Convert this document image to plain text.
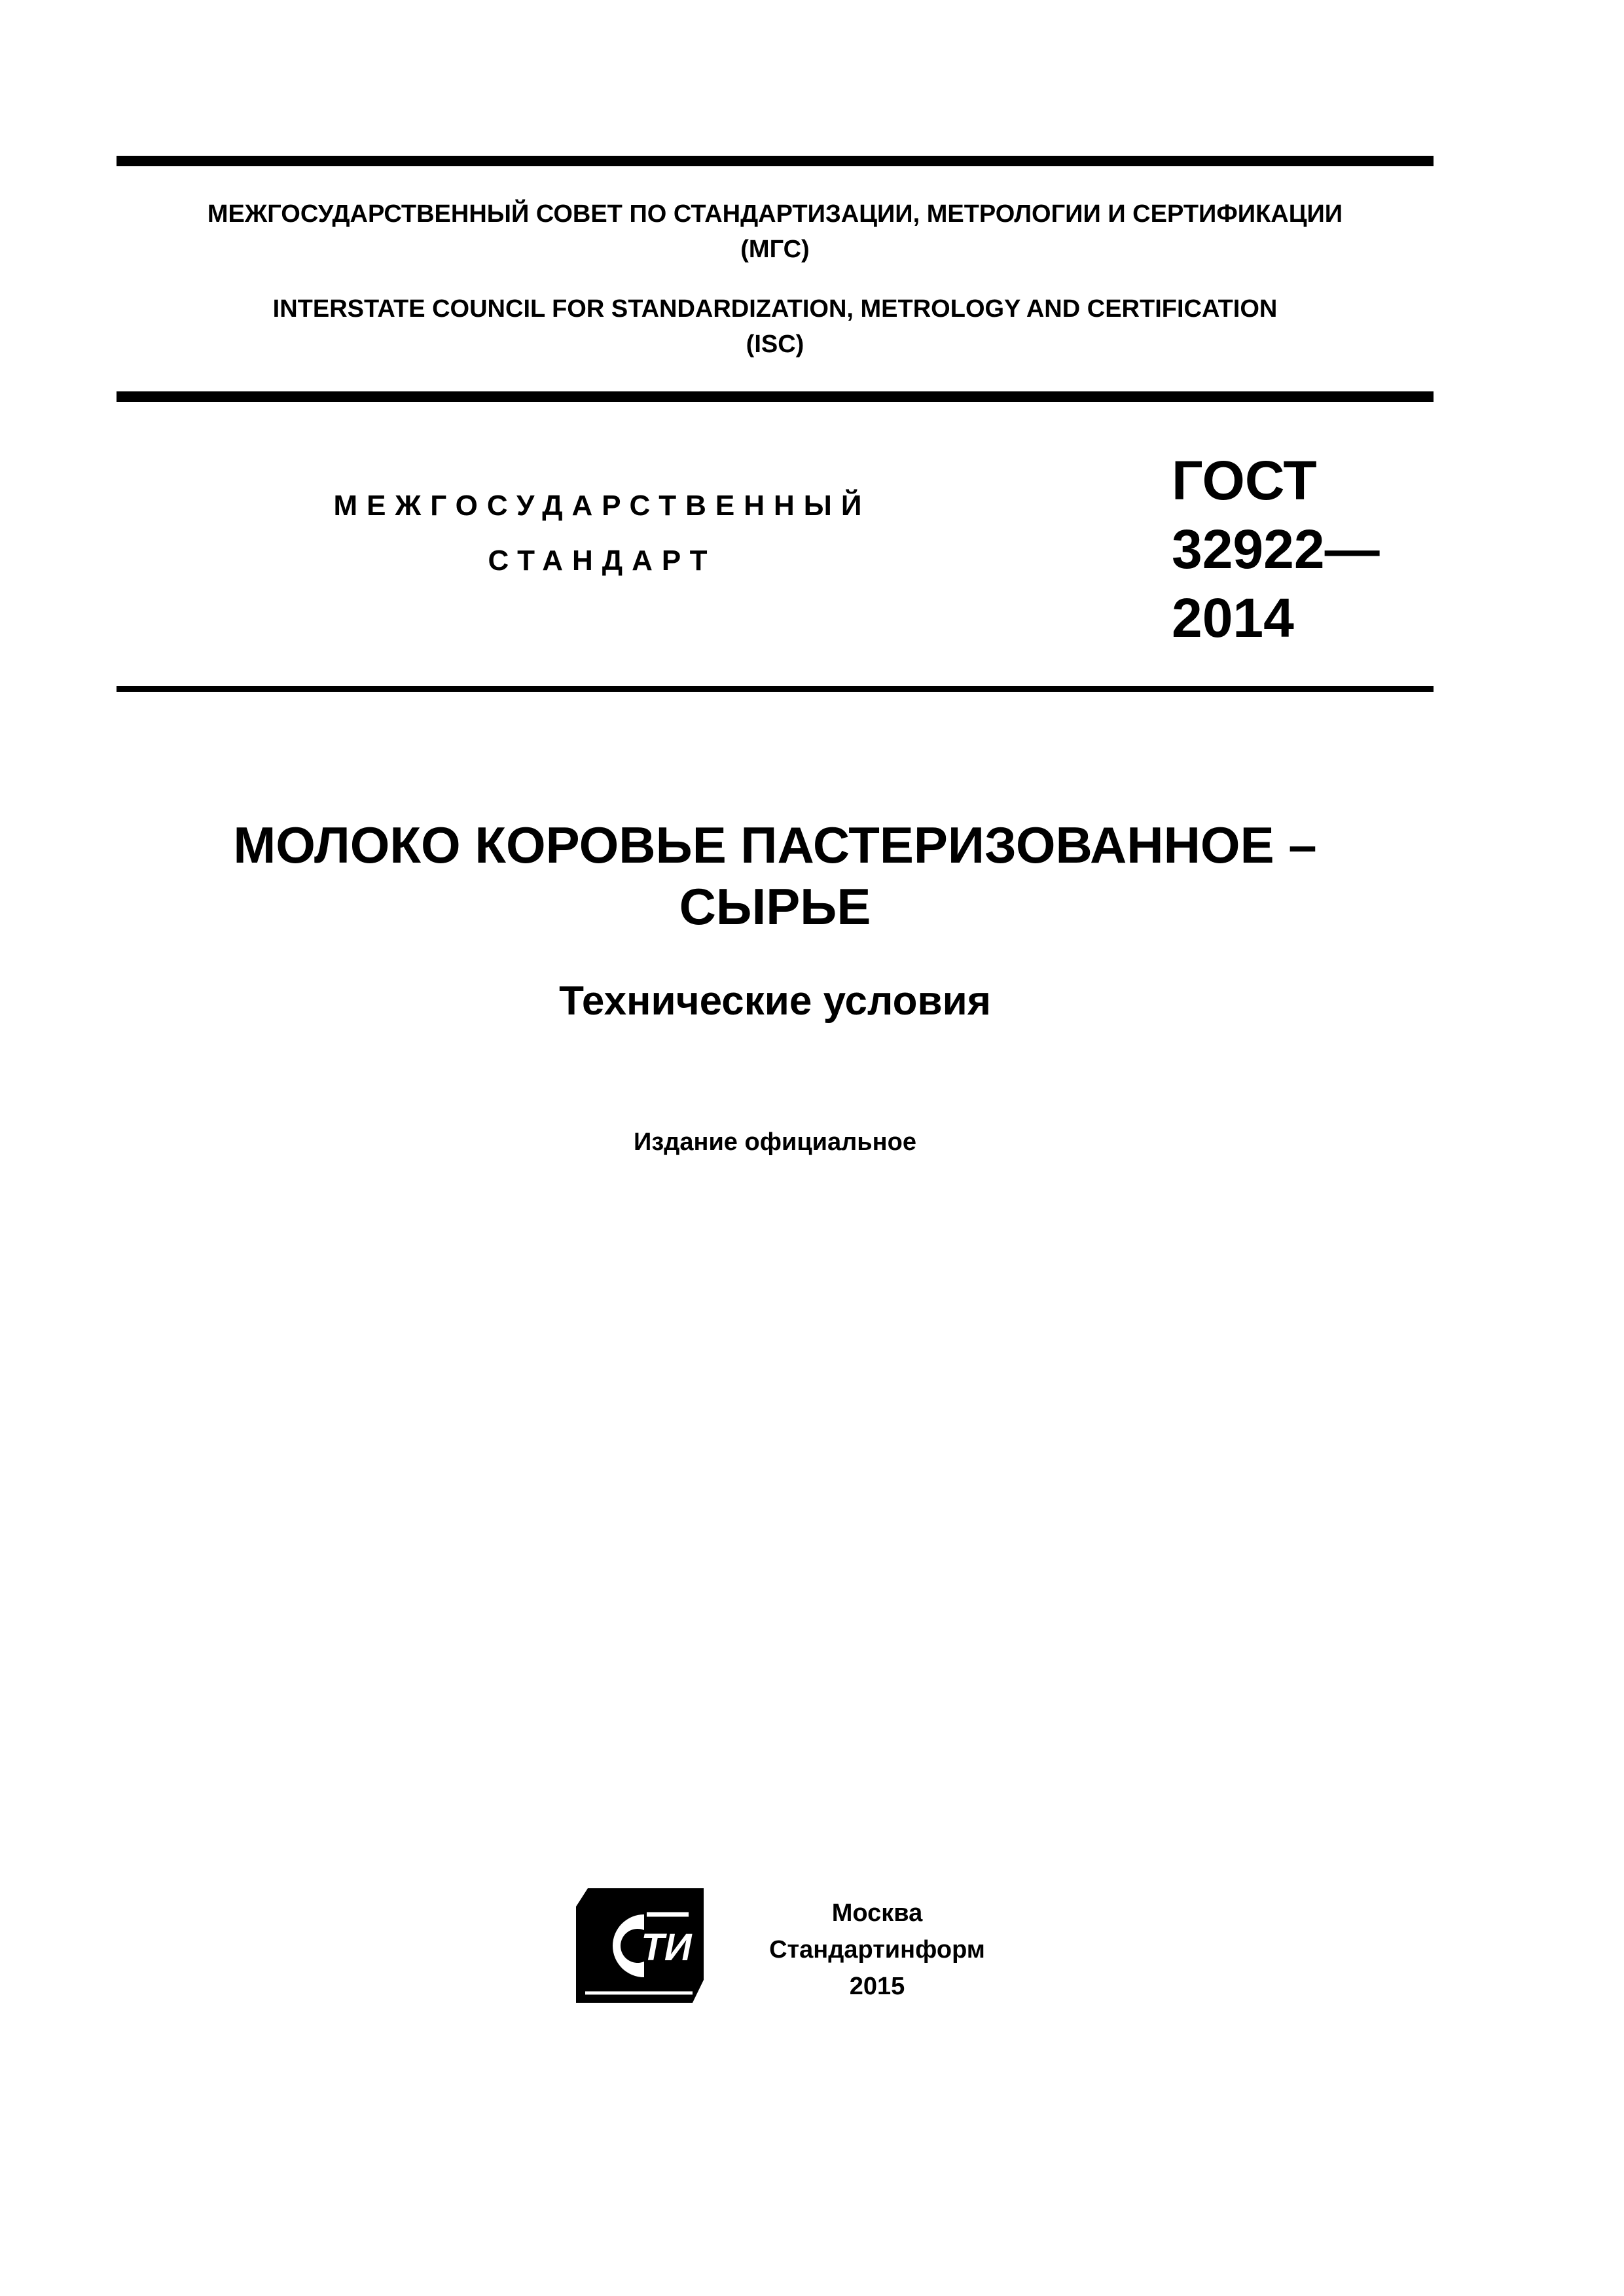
МЕЖГОСУДАРСТВЕННЫЙ СОВЕТ ПО СТАНДАРТИЗАЦИИ, МЕТРОЛОГИИ И СЕРТИФИКАЦИИ
(МГС)
INTERSTATE COUNCIL FOR STANDARDIZATION, METROLOGY AND CERTIFICATION
(ISC)

МЕЖГОСУДАРСТВЕННЫЙ

СТАНДАРТ

ГОСТ
32922—
2014
МОЛОКО КОРОВЬЕ ПАСТЕРИЗОВАННОЕ –
СЫРЬЕ
Технические условия

Издание официальное

ТИ
Москва
Стандартинформ
2015
